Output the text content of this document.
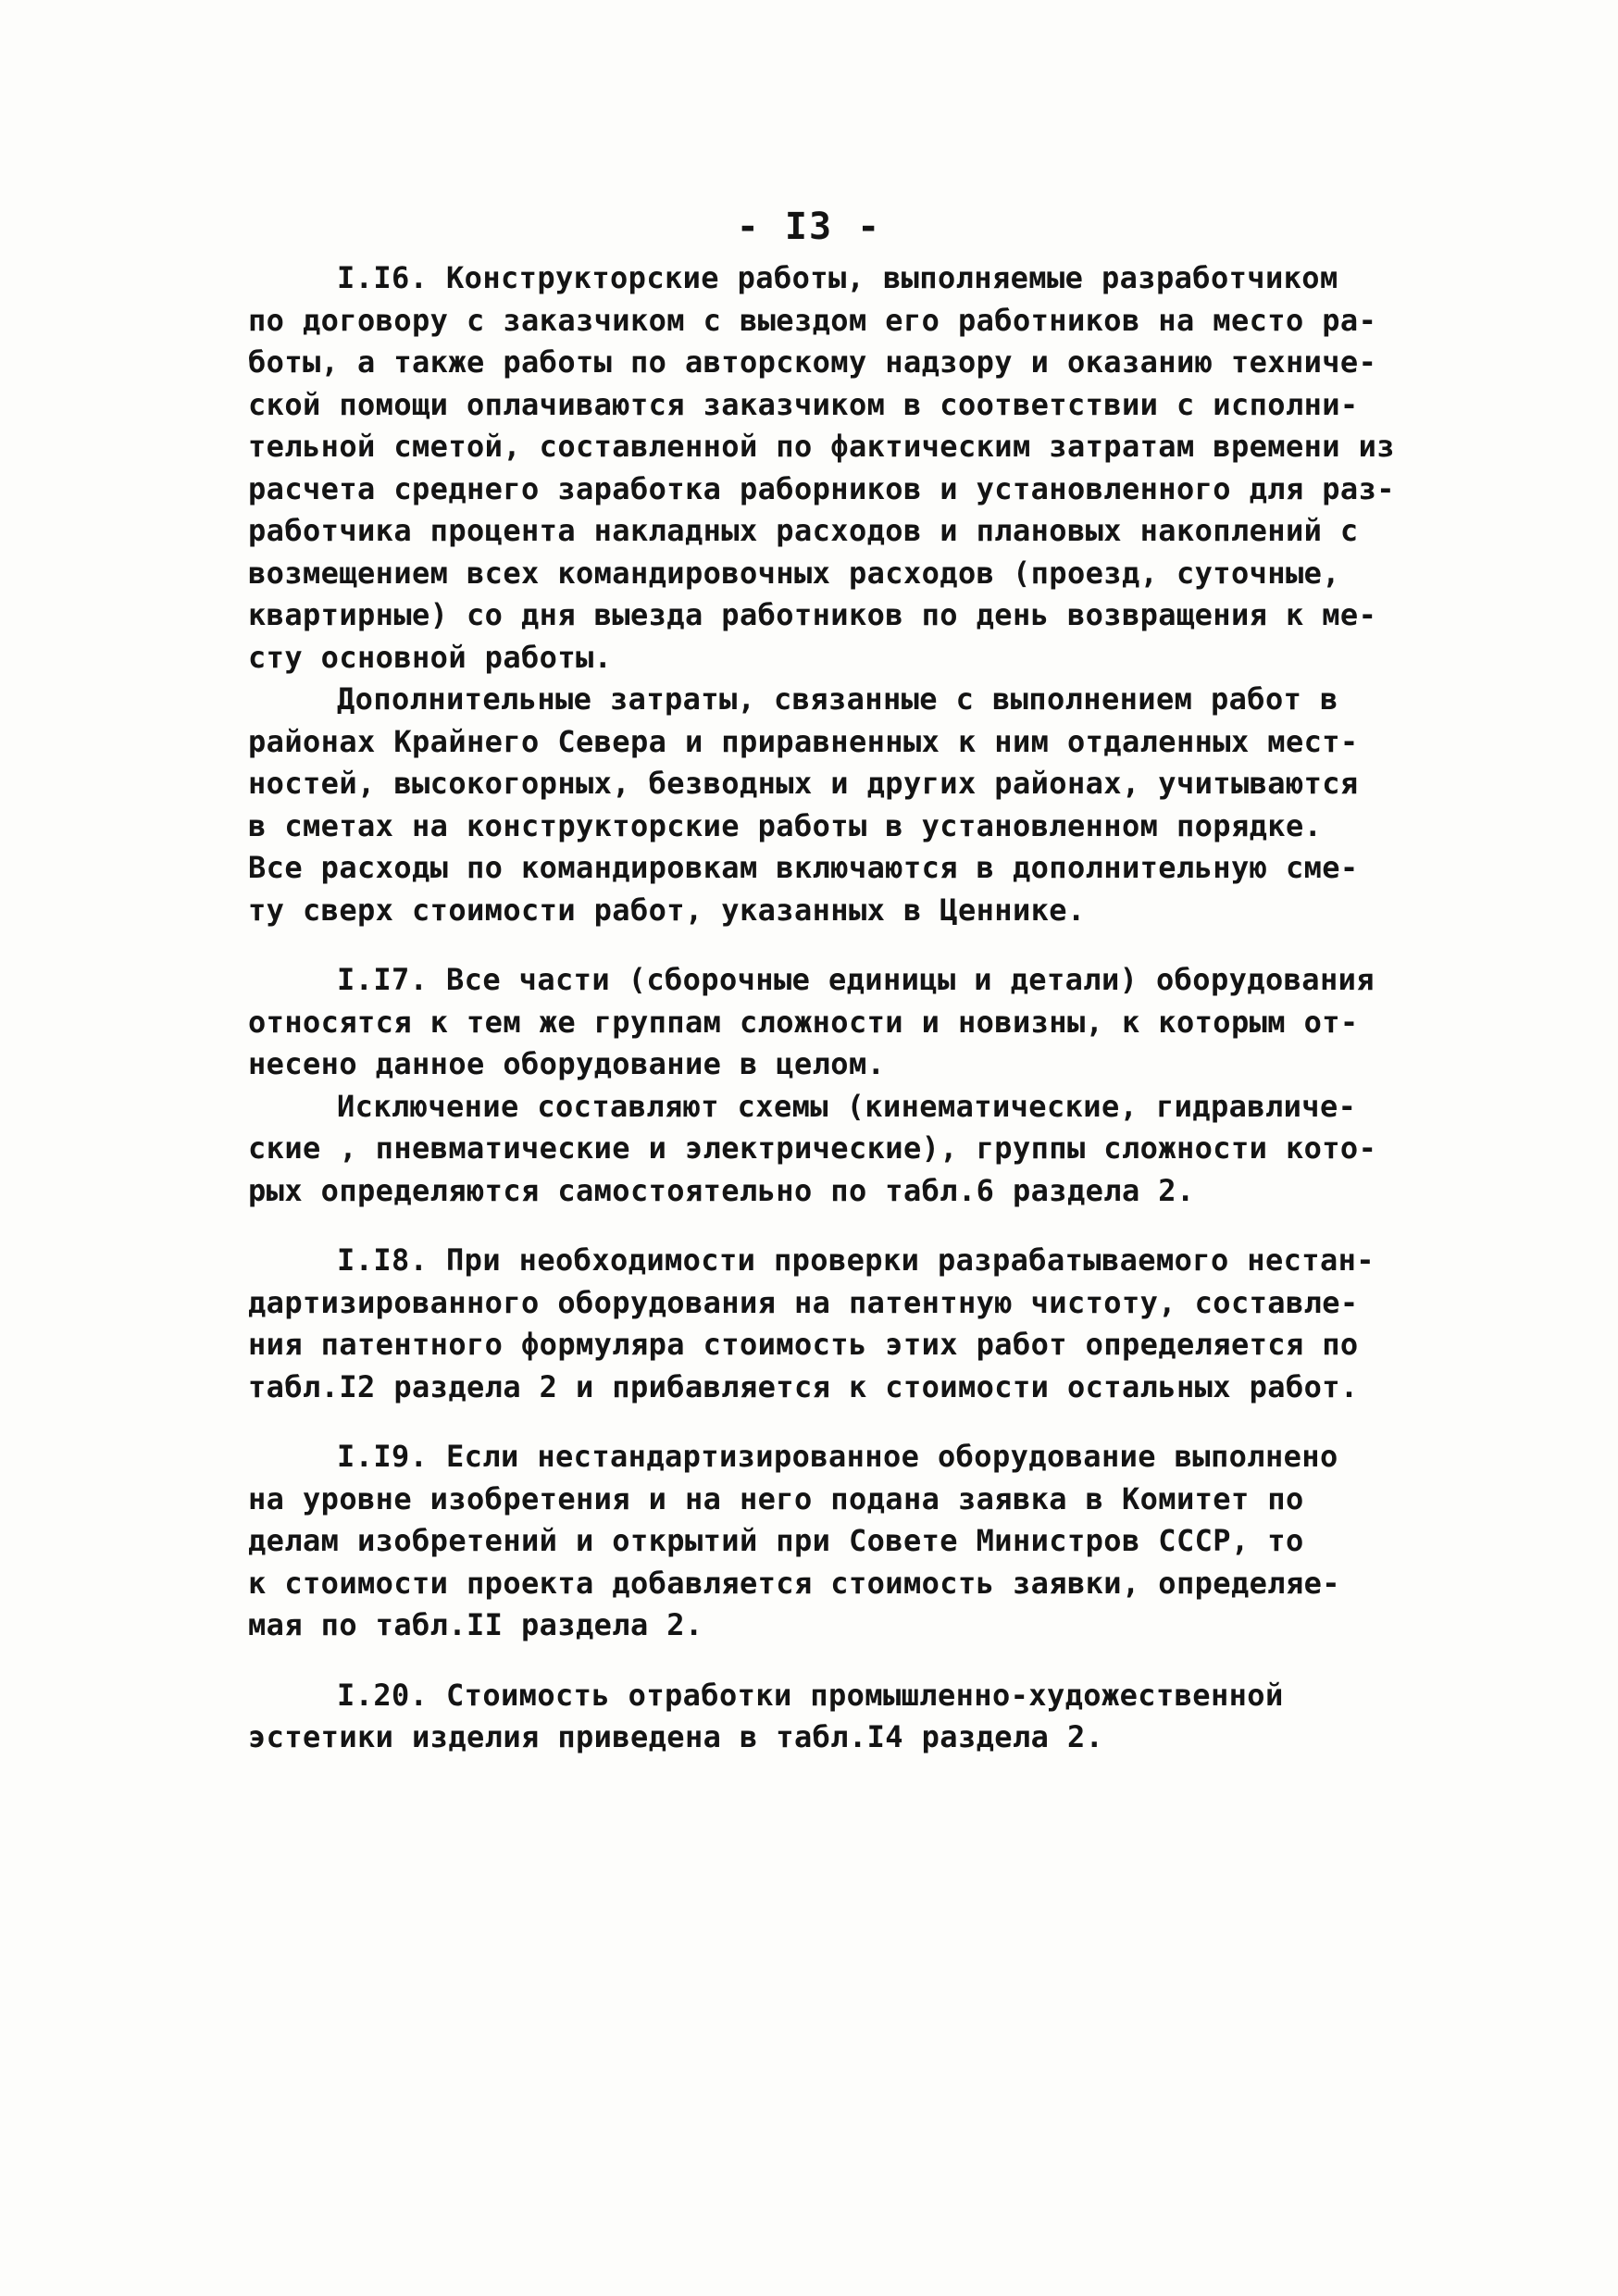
- I3 -
I.I6. Конструкторские работы, выполняемые разработчиком
по договору с заказчиком с выездом его работников на место ра-
боты, а также работы по авторскому надзору и оказанию техниче-
ской помощи оплачиваются заказчиком в соответствии с исполни-
тельной сметой, составленной по фактическим затратам времени из
расчета среднего заработка рабоpников и установленного для раз-
работчика процента накладных расходов и плановых накоплений с
возмещением всех командировочных расходов (проезд, суточные,
квартирные) со дня выезда работников по день возвращения к ме-
сту основной работы.
Дополнительные затраты, связанные с выполнением работ в
районах Крайнего Севера и приравненных к ним отдаленных мест-
ностей, высокогорных, безводных и других районах, учитываются
в сметах на конструкторские работы в установленном порядке.
Все расходы по командировкам включаются в дополнительную сме-
ту сверх стоимости работ, указанных в Ценнике.
I.I7. Все части (сборочные единицы и детали) оборудования
относятся к тем же группам сложности и новизны, к которым от-
несено данное оборудование в целом.
Исключение составляют схемы (кинематические, гидравличе-
ские , пневматические и электрические), группы сложности кото-
рых определяются самостоятельно по табл.6 раздела 2.
I.I8. При необходимости проверки разрабатываемого нестан-
дартизированного оборудования на патентную чистоту, составле-
ния патентного формуляра стоимость этих работ определяется по
табл.I2 раздела 2 и прибавляется к стоимости остальных работ.
I.I9. Если нестандартизированное оборудование выполнено
на уровне изобретения и на него подана заявка в Комитет по
делам изобретений и открытий при Совете Министров СССР, то
к стоимости проекта добавляется стоимость заявки, определяе-
мая по табл.II раздела 2.
I.20. Стоимость отработки промышленно-художественной
эстетики изделия приведена в табл.I4 раздела 2.
